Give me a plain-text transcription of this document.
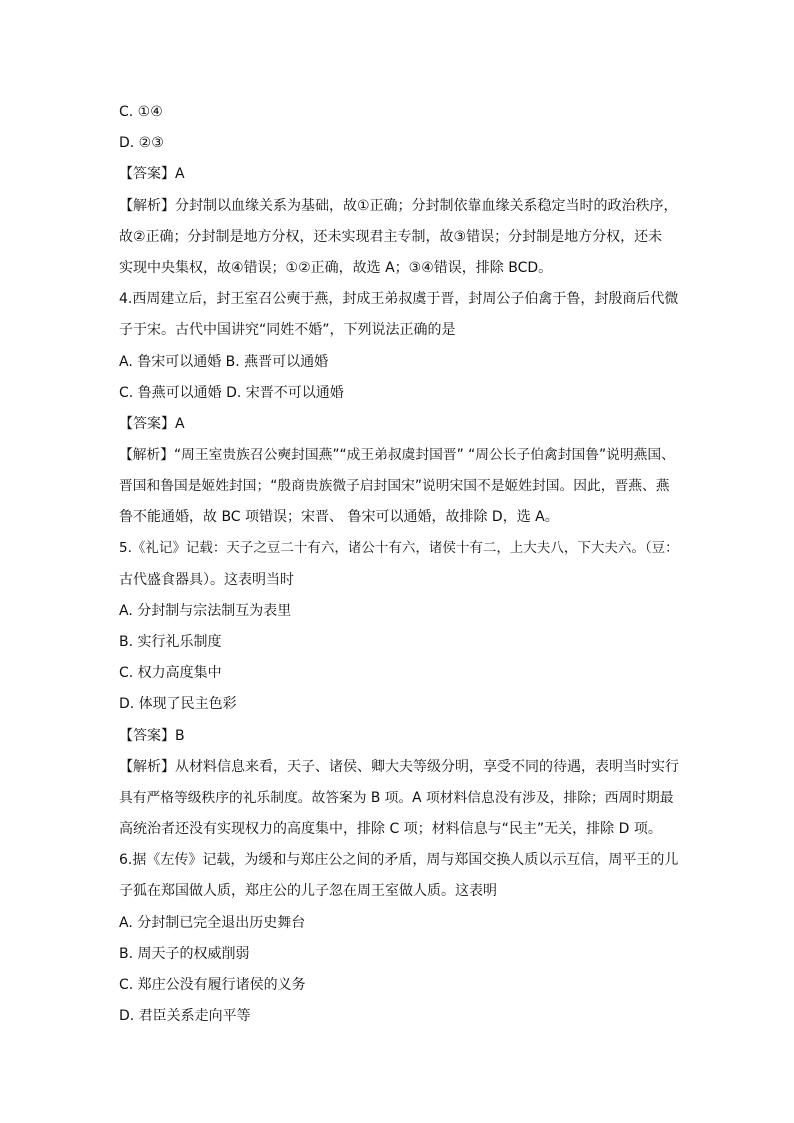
C. ①④
D. ②③
【答案】A
【解析】分封制以血缘关系为基础，故①正确；分封制依靠血缘关系稳定当时的政治秩序，
故②正确；分封制是地方分权，还未实现君主专制，故③错误；分封制是地方分权，还未
实现中央集权，故④错误；①②正确，故选 A；③④错误，排除 BCD。
4.西周建立后，封王室召公奭于燕，封成王弟叔虞于晋，封周公子伯禽于鲁，封殷商后代微
子于宋。古代中国讲究“同姓不婚”，下列说法正确的是
A. 鲁宋可以通婚 B. 燕晋可以通婚
C. 鲁燕可以通婚 D. 宋晋不可以通婚
【答案】A
【解析】“周王室贵族召公奭封国燕”“成王弟叔虞封国晋” “周公长子伯禽封国鲁”说明燕国、
晋国和鲁国是姬姓封国；“殷商贵族微子启封国宋”说明宋国不是姬姓封国。因此，晋燕、燕
鲁不能通婚，故 BC 项错误；宋晋、 鲁宋可以通婚，故排除 D，选 A。
5.《礼记》记载：天子之豆二十有六，诸公十有六，诸侯十有二，上大夫八，下大夫六。（豆：
古代盛食器具）。这表明当时
A. 分封制与宗法制互为表里
B. 实行礼乐制度
C. 权力高度集中
D. 体现了民主色彩
【答案】B
【解析】从材料信息来看，天子、诸侯、卿大夫等级分明，享受不同的待遇，表明当时实行
具有严格等级秩序的礼乐制度。故答案为 B 项。A 项材料信息没有涉及，排除；西周时期最
高统治者还没有实现权力的高度集中，排除 C 项；材料信息与“民主”无关，排除 D 项。
6.据《左传》记载，为缓和与郑庄公之间的矛盾，周与郑国交换人质以示互信，周平王的儿
子狐在郑国做人质，郑庄公的儿子忽在周王室做人质。这表明
A. 分封制已完全退出历史舞台
B. 周天子的权威削弱
C. 郑庄公没有履行诸侯的义务
D. 君臣关系走向平等
